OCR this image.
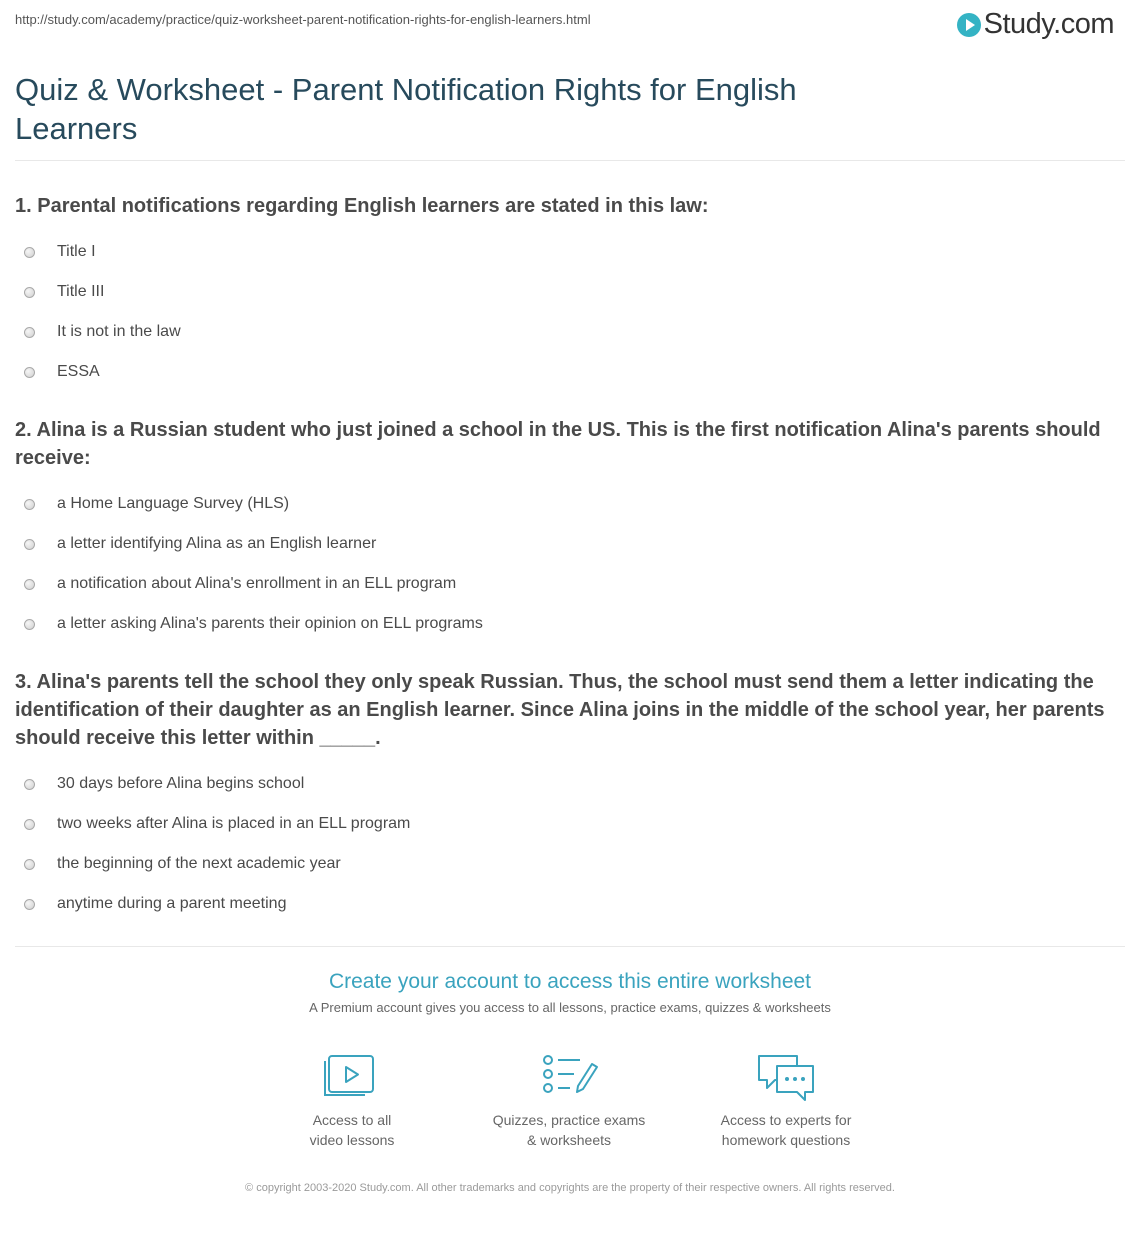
http://study.com/academy/practice/quiz-worksheet-parent-notification-rights-for-english-learners.html	Study.com
Quiz & Worksheet - Parent Notification Rights for English Learners
1. Parental notifications regarding English learners are stated in this law:
Title I
Title III
It is not in the law
ESSA
2. Alina is a Russian student who just joined a school in the US. This is the first notification Alina's parents should receive:
a Home Language Survey (HLS)
a letter identifying Alina as an English learner
a notification about Alina's enrollment in an ELL program
a letter asking Alina's parents their opinion on ELL programs
3. Alina's parents tell the school they only speak Russian. Thus, the school must send them a letter indicating the identification of their daughter as an English learner. Since Alina joins in the middle of the school year, her parents should receive this letter within _____.
30 days before Alina begins school
two weeks after Alina is placed in an ELL program
the beginning of the next academic year
anytime during a parent meeting
Create your account to access this entire worksheet
A Premium account gives you access to all lessons, practice exams, quizzes & worksheets
Access to all
video lessons
Quizzes, practice exams
& worksheets
Access to experts for
homework questions
© copyright 2003-2020 Study.com. All other trademarks and copyrights are the property of their respective owners. All rights reserved.
